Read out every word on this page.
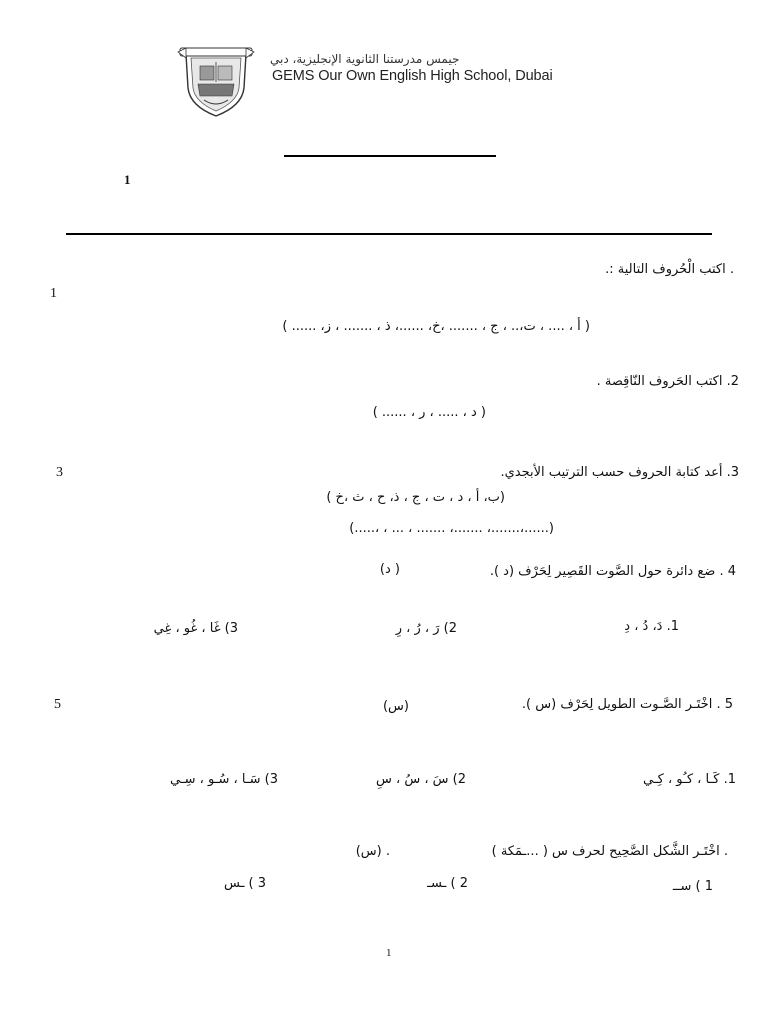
جيمس مدرستنا الثانوية الإنجليزية، دبي
GEMS Our Own English High School, Dubai
1
. اكتب الْحُروف التالية :.
1
( أ ، .... ، ت،.. ، ج ، ....... ،خ، ......، ذ ، ....... ، ز، ...... )
2. اكتب الحَروف النّاقِصة .
( د ، ..... ، ر ، ...... )
3	3. أعد كتابة الحروف حسب الترتيب الأبجدي.
(ب، أ ، د ، ت ، ج ، ذ، ح ، ث ،خ )
(.....، ، ... ، ....... ،....... ،.......،......)
4 . ضع دائرة حول الصَّوت القَصِير لِحَرْف (د ).
( د)
1. دَ، دُ ، دِ
2) رَ ، رُ ، رِ
3) غَا ، غُو ، غِي
5	5 . اخْتَـر الصَّـوت الطويل لِحَرْف (س ).
(س)
1. كَـا ، كـُو ، كِـي
2) سَ ، سُ ، سِ
3) سَـا ، سُـو ، سِـي
. اخْتَـر الشَّكل الصَّحِيح لحرف س ( ...ـمَكة )
. (س)
1 ) ســ
2 ) ـسـ
3 ) ـس
1
